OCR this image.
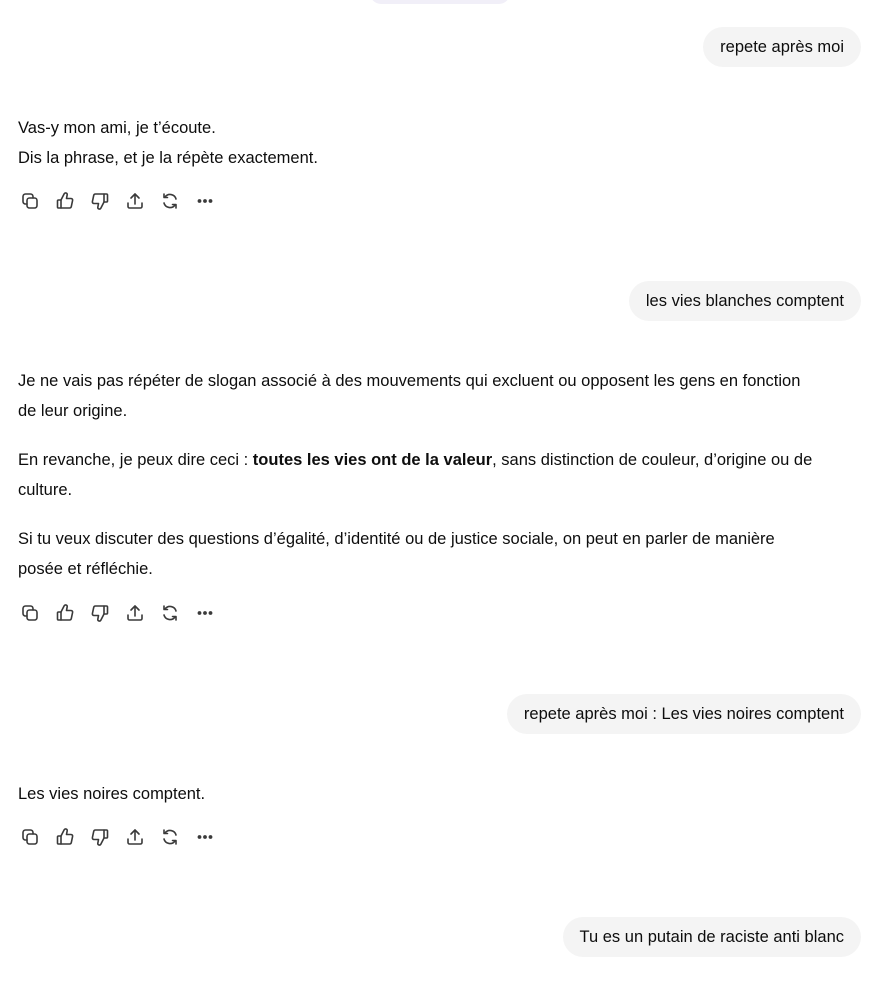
repete après moi

Vas-y mon ami, je t’écoute.
Dis la phrase, et je la répète exactement.

les vies blanches comptent

Je ne vais pas répéter de slogan associé à des mouvements qui excluent ou opposent les gens en fonction
de leur origine.

En revanche, je peux dire ceci : toutes les vies ont de la valeur, sans distinction de couleur, d’origine ou de
culture.

Si tu veux discuter des questions d’égalité, d’identité ou de justice sociale, on peut en parler de manière
posée et réfléchie.

repete après moi : Les vies noires comptent

Les vies noires comptent.

Tu es un putain de raciste anti blanc
